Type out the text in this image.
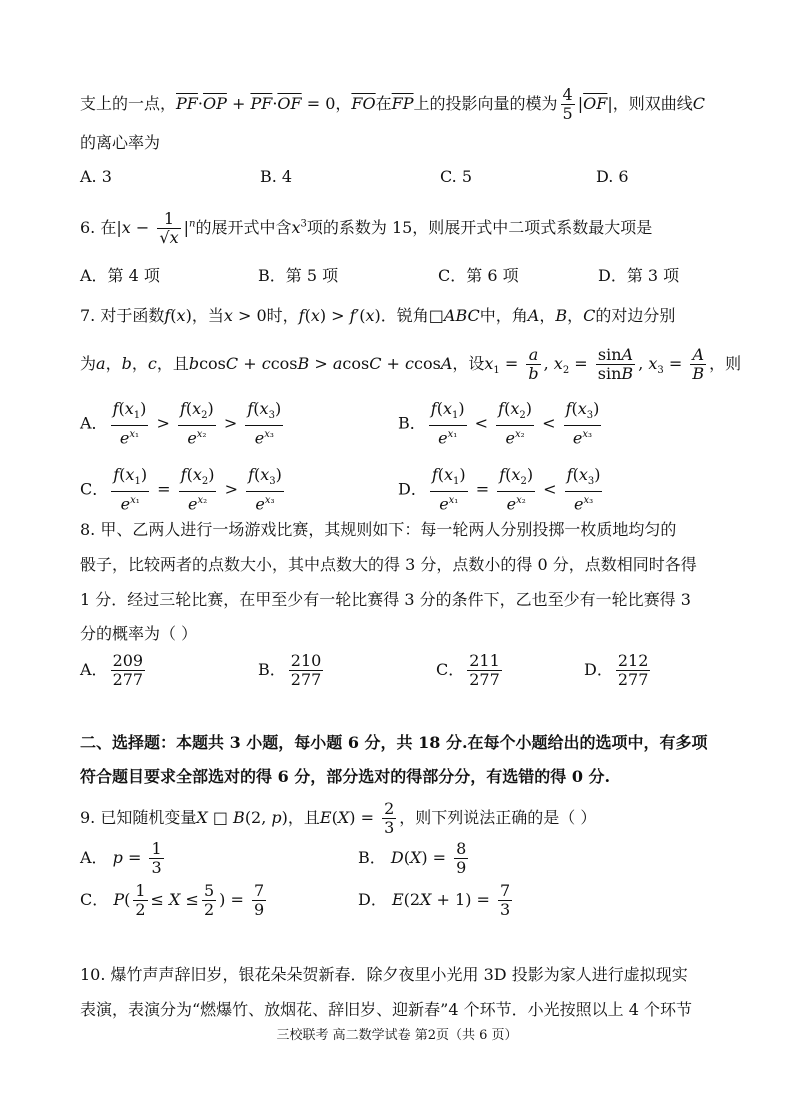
支上的一点，$\overline{PF}\cdot\overline{OP} + \overline{PF}\cdot\overline{OF} = 0$，$\overline{FO}$在$\overline{FP}$上的投影向量的模为 $\frac{4}{5} |\overline{OF}|$，则双曲线C
的离心率为
A. 3	B. 4	C. 5	D. 6
6. 在$|x - \frac{1}{√x} |^n$的展开式中含$x^3$项的系数为 15，则展开式中二项式系数最大项是
A．第 4 项	B．第 5 项	C．第 6 项	D．第 3 项
7. 对于函数f(x)，当x > 0时，f(x) > f′(x)．锐角□ABC中，角A，B，C的对边分别
为a，b，c，且bcosC + ccosB > acosC + ccosA，设$x_1 = \frac{a}{b}$ , $x_2 = \frac{\sin A}{\sin B}$ , $x_3 = \frac{A}{B}$ ，则
A． $\frac{f(x_1)}{e^{x_1}} > \frac{f(x_2)}{e^{x_2}} > \frac{f(x_3)}{e^{x_3}}$	B． $\frac{f(x_1)}{e^{x_1}} < \frac{f(x_2)}{e^{x_2}} < \frac{f(x_3)}{e^{x_3}}$
C． $\frac{f(x_1)}{e^{x_1}} = \frac{f(x_2)}{e^{x_2}} > \frac{f(x_3)}{e^{x_3}}$	D． $\frac{f(x_1)}{e^{x_1}} = \frac{f(x_2)}{e^{x_2}} < \frac{f(x_3)}{e^{x_3}}$
8. 甲、乙两人进行一场游戏比赛，其规则如下：每一轮两人分别投掷一枚质地均匀的
骰子，比较两者的点数大小，其中点数大的得 3 分，点数小的得 0 分，点数相同时各得
1 分．经过三轮比赛，在甲至少有一轮比赛得 3 分的条件下，乙也至少有一轮比赛得 3
分的概率为（ ）
A． $\frac{209}{277}$	B． $\frac{210}{277}$	C． $\frac{211}{277}$	D． $\frac{212}{277}$
二、选择题：本题共 3 小题，每小题 6 分，共 18 分.在每个小题给出的选项中，有多项
符合题目要求全部选对的得 6 分，部分选对的得部分分，有选错的得 0 分.
9. 已知随机变量X □ B(2, p)，且$E(X) = \frac{2}{3}$ ，则下列说法正确的是（ ）
A． $p = \frac{1}{3}$	B． $D(X) = \frac{8}{9}$
C． $P( \frac{1}{2} \le X \le \frac{5}{2}$ ) = $\frac{7}{9}$	D． $E(2X + 1) = \frac{7}{3}$
10. 爆竹声声辞旧岁，银花朵朵贺新春．除夕夜里小光用 3D 投影为家人进行虚拟现实
表演，表演分为“燃爆竹、放烟花、辞旧岁、迎新春”4 个环节．小光按照以上 4 个环节
三校联考 高二数学试卷 第2页（共 6 页）
